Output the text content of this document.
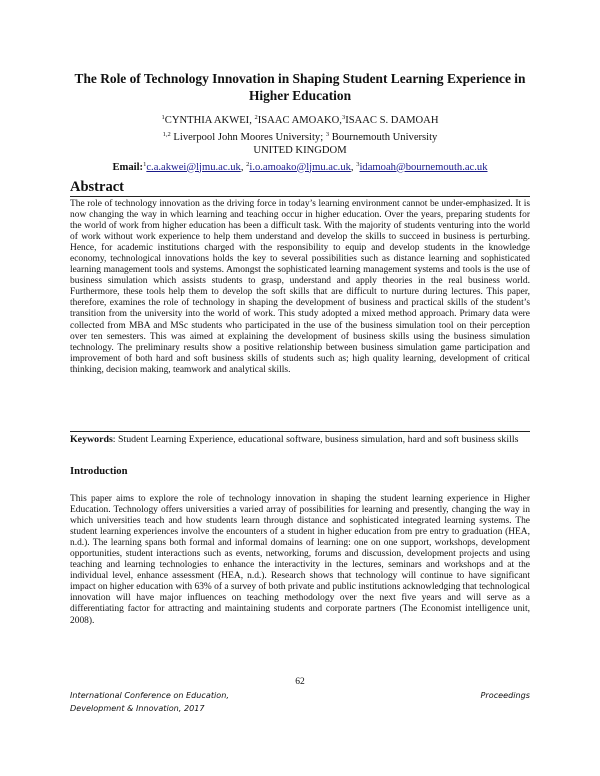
The Role of Technology Innovation in Shaping Student Learning Experience in Higher Education
$^1$CYNTHIA AKWEI, $^2$ISAAC AMOAKO,$^3$ISAAC S. DAMOAH
$^{1,2}$ Liverpool John Moores University; $^3$ Bournemouth University
UNITED KINGDOM
Email:$^1$c.a.akwei@ljmu.ac.uk, $^2$i.o.amoako@ljmu.ac.uk, $^3$idamoah@bournemouth.ac.uk
Abstract
The role of technology innovation as the driving force in today’s learning environment cannot be under-emphasized. It is now changing the way in which learning and teaching occur in higher education. Over the years, preparing students for the world of work from higher education has been a difficult task. With the majority of students venturing into the world of work without work experience to help them understand and develop the skills to succeed in business is perturbing. Hence, for academic institutions charged with the responsibility to equip and develop students in the knowledge economy, technological innovations holds the key to several possibilities such as distance learning and sophisticated learning management tools and systems. Amongst the sophisticated learning management systems and tools is the use of business simulation which assists students to grasp, understand and apply theories in the real business world. Furthermore, these tools help them to develop the soft skills that are difficult to nurture during lectures. This paper, therefore, examines the role of technology in shaping the development of business and practical skills of the student’s transition from the university into the world of work. This study adopted a mixed method approach. Primary data were collected from MBA and MSc students who participated in the use of the business simulation tool on their perception over ten semesters. This was aimed at explaining the development of business skills using the business simulation technology. The preliminary results show a positive relationship between business simulation game participation and improvement of both hard and soft business skills of students such as; high quality learning, development of critical thinking, decision making, teamwork and analytical skills.
Keywords: Student Learning Experience, educational software, business simulation, hard and soft business skills
Introduction
This paper aims to explore the role of technology innovation in shaping the student learning experience in Higher Education. Technology offers universities a varied array of possibilities for learning and presently, changing the way in which universities teach and how students learn through distance and sophisticated integrated learning systems. The student learning experiences involve the encounters of a student in higher education from pre entry to graduation (HEA, n.d.). The learning spans both formal and informal domains of learning: one on one support, workshops, development opportunities, student interactions such as events, networking, forums and discussion, development projects and using teaching and learning technologies to enhance the interactivity in the lectures, seminars and workshops and at the individual level, enhance assessment (HEA, n.d.). Research shows that technology will continue to have significant impact on higher education with 63% of a survey of both private and public institutions acknowledging that technological innovation will have major influences on teaching methodology over the next five years and will serve as a differentiating factor for attracting and maintaining students and corporate partners (The Economist intelligence unit, 2008).
62
International Conference on Education,
Development & Innovation, 2017
Proceedings
